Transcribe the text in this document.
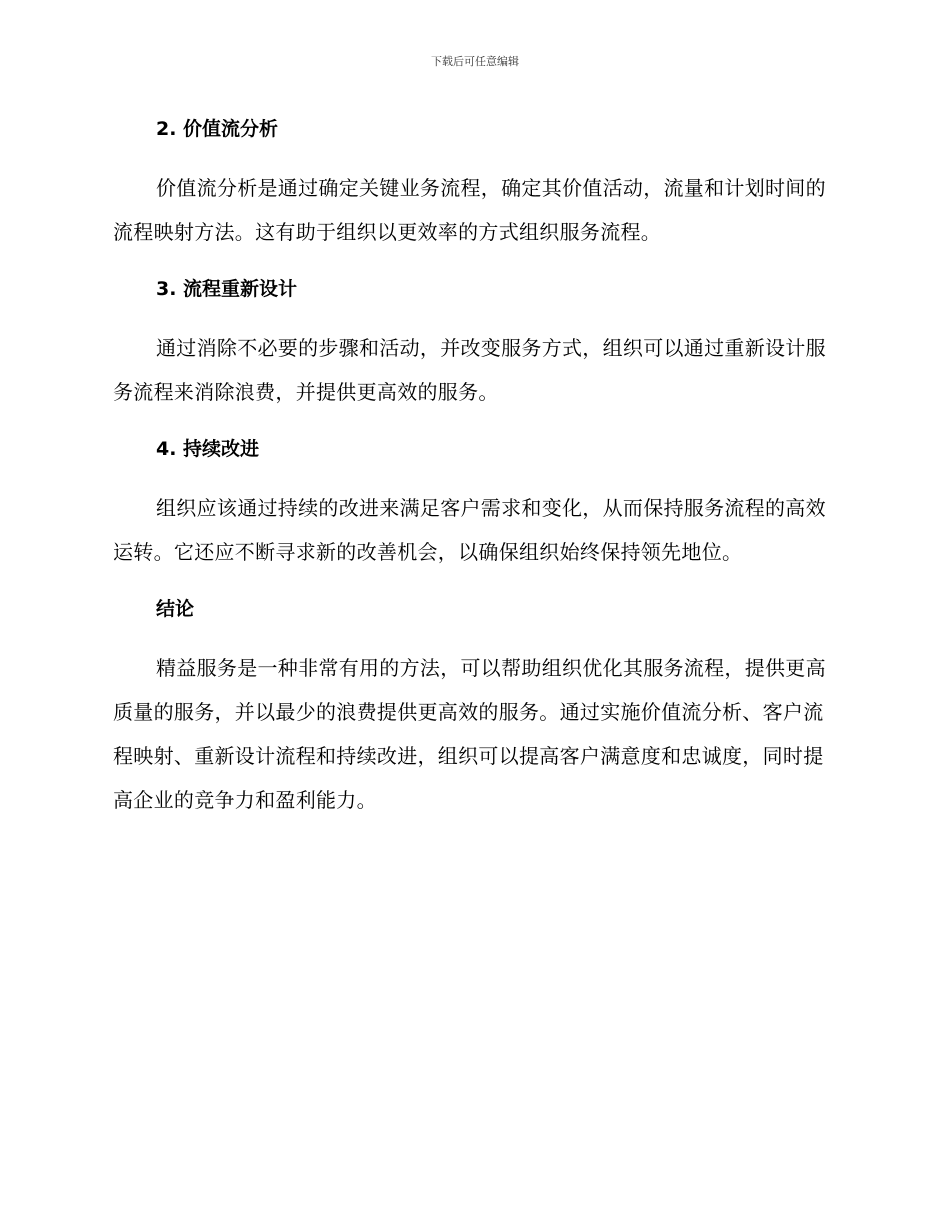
下载后可任意编辑
2. 价值流分析

价值流分析是通过确定关键业务流程，确定其价值活动，流量和计划时间的流程映射方法。这有助于组织以更效率的方式组织服务流程。

3. 流程重新设计

通过消除不必要的步骤和活动，并改变服务方式，组织可以通过重新设计服务流程来消除浪费，并提供更高效的服务。

4. 持续改进

组织应该通过持续的改进来满足客户需求和变化，从而保持服务流程的高效运转。它还应不断寻求新的改善机会，以确保组织始终保持领先地位。

结论

精益服务是一种非常有用的方法，可以帮助组织优化其服务流程，提供更高质量的服务，并以最少的浪费提供更高效的服务。通过实施价值流分析、客户流程映射、重新设计流程和持续改进，组织可以提高客户满意度和忠诚度，同时提高企业的竞争力和盈利能力。
